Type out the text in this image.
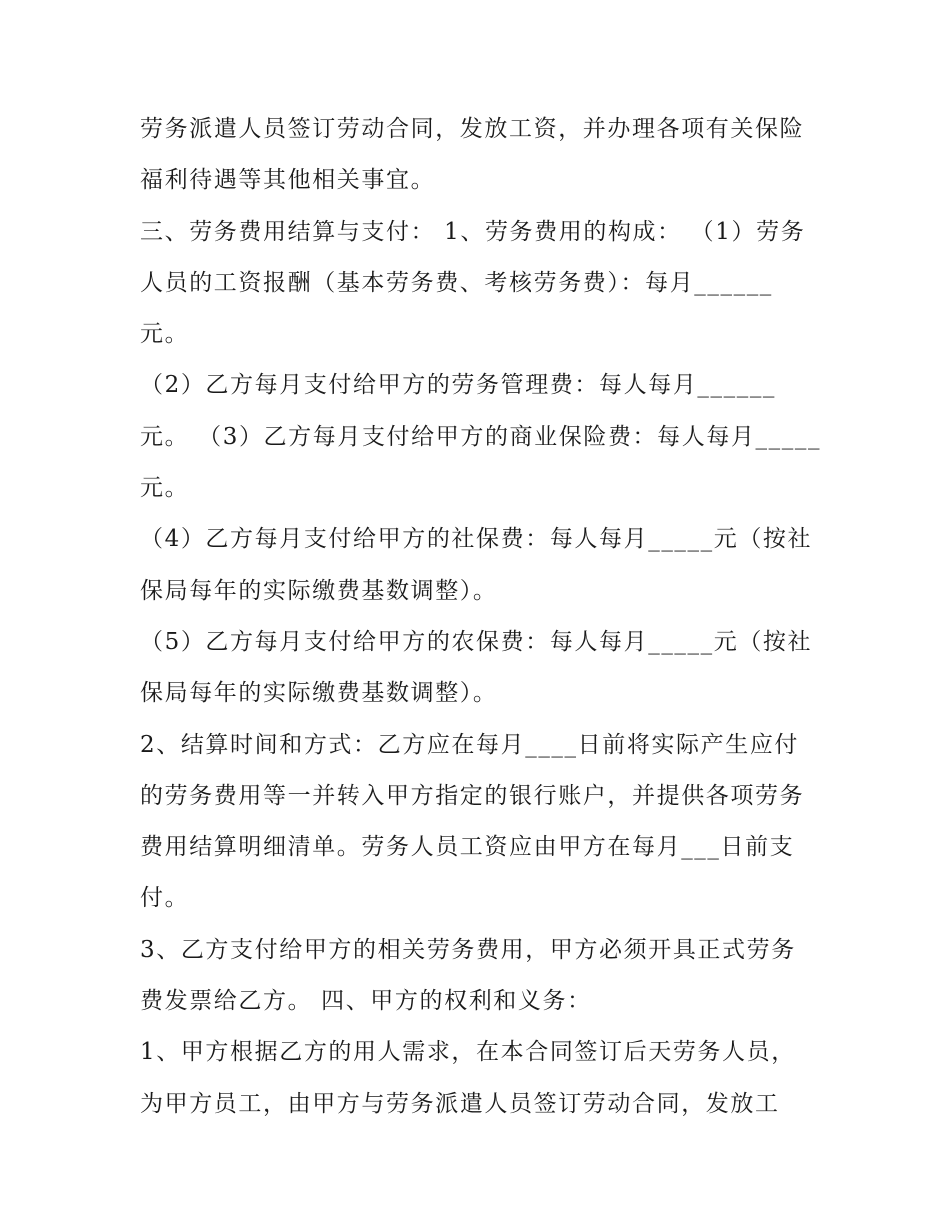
劳务派遣人员签订劳动合同，发放工资，并办理各项有关保险
福利待遇等其他相关事宜。
三、劳务费用结算与支付： 1、劳务费用的构成： （1）劳务
人员的工资报酬（基本劳务费、考核劳务费）：每月______
元。
（2）乙方每月支付给甲方的劳务管理费：每人每月______
元。 （3）乙方每月支付给甲方的商业保险费：每人每月_____
元。
（4）乙方每月支付给甲方的社保费：每人每月_____元（按社
保局每年的实际缴费基数调整）。
（5）乙方每月支付给甲方的农保费：每人每月_____元（按社
保局每年的实际缴费基数调整）。
2、结算时间和方式：乙方应在每月____日前将实际产生应付
的劳务费用等一并转入甲方指定的银行账户，并提供各项劳务
费用结算明细清单。劳务人员工资应由甲方在每月___日前支
付。
3、乙方支付给甲方的相关劳务费用，甲方必须开具正式劳务
费发票给乙方。 四、甲方的权利和义务：
1、甲方根据乙方的用人需求，在本合同签订后天劳务人员，
为甲方员工，由甲方与劳务派遣人员签订劳动合同，发放工
